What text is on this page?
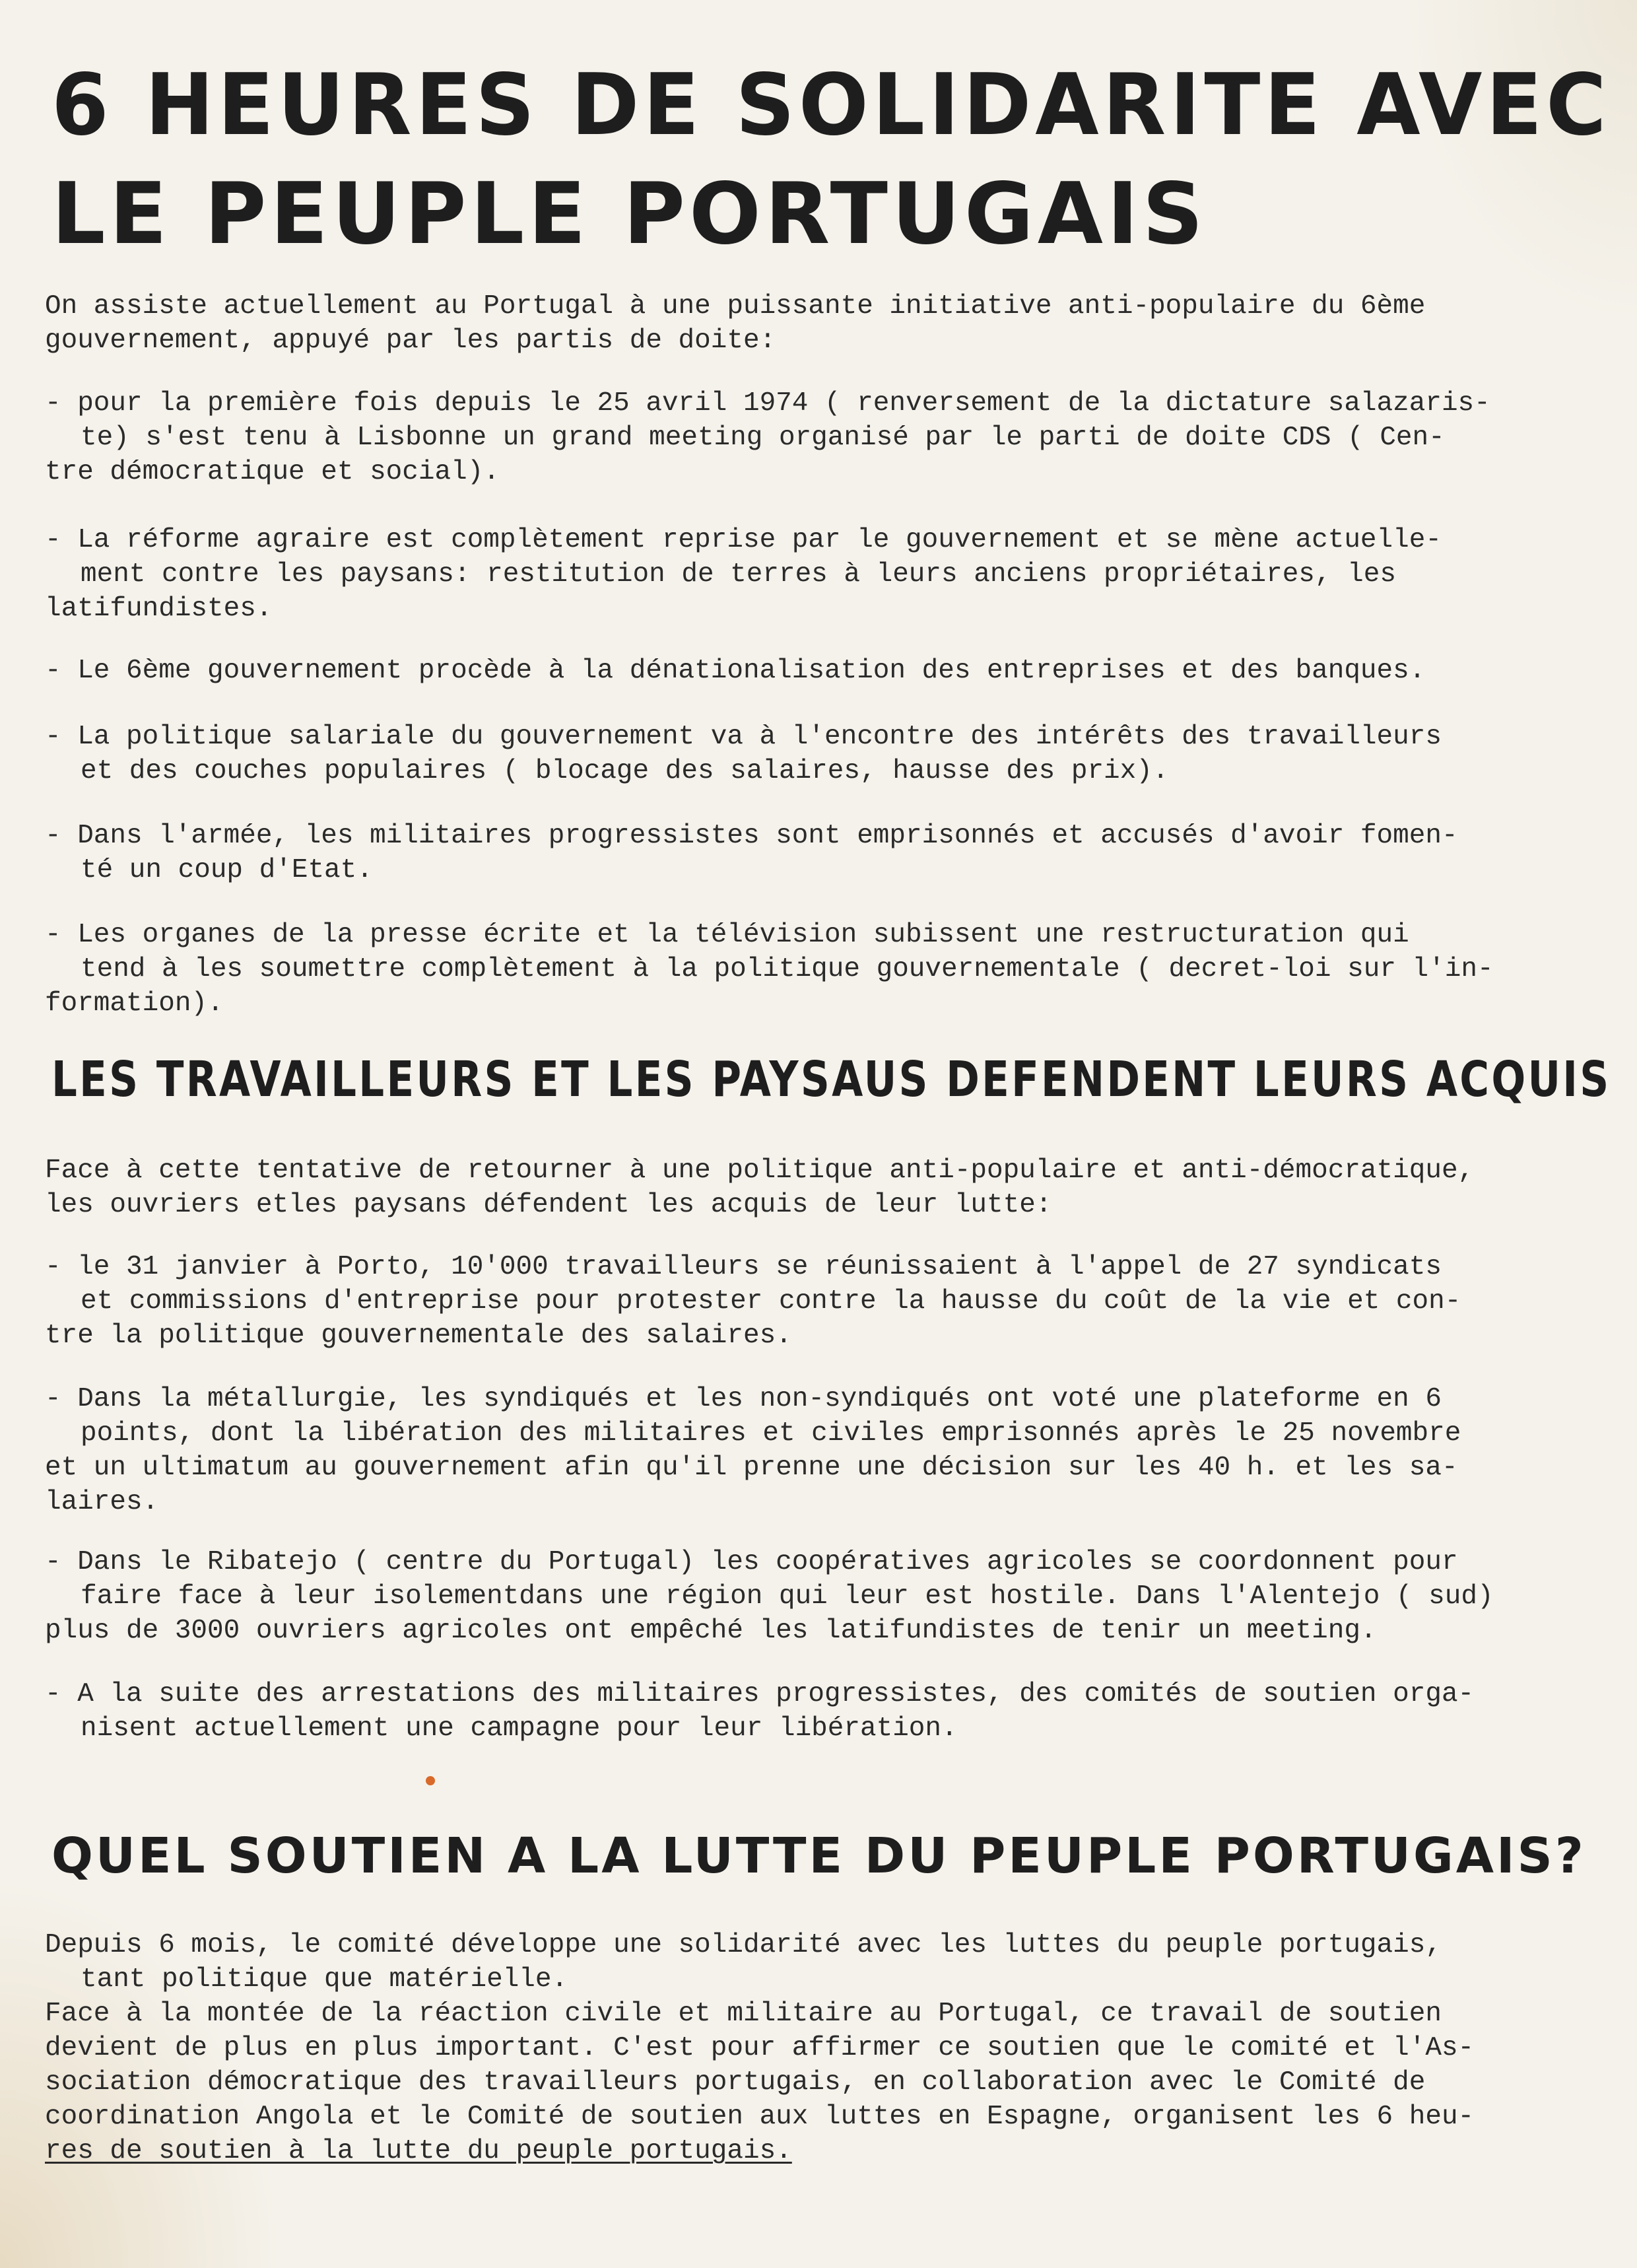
6 HEURES DE SOLIDARITE AVEC
LE PEUPLE PORTUGAIS

On assiste actuellement au Portugal à une puissante initiative anti-populaire du 6ème
gouvernement, appuyé par les partis de doite:

- pour la première fois depuis le 25 avril 1974 ( renversement de la dictature salazaris-
te) s'est tenu à Lisbonne un grand meeting organisé par le parti de doite CDS ( Cen-
tre démocratique et social).

- La réforme agraire est complètement reprise par le gouvernement et se mène actuelle-
ment contre les paysans: restitution de terres à leurs anciens propriétaires, les
latifundistes.

- Le 6ème gouvernement procède à la dénationalisation des entreprises et des banques.

- La politique salariale du gouvernement va à l'encontre des intérêts des travailleurs
et des couches populaires ( blocage des salaires, hausse des prix).

- Dans l'armée, les militaires progressistes sont emprisonnés et accusés d'avoir fomen-
té un coup d'Etat.

- Les organes de la presse écrite et la télévision subissent une restructuration qui
tend à les soumettre complètement à la politique gouvernementale ( decret-loi sur l'in-
formation).

LES TRAVAILLEURS ET LES PAYSAUS DEFENDENT LEURS ACQUIS

Face à cette tentative de retourner à une politique anti-populaire et anti-démocratique,
les ouvriers etles paysans défendent les acquis de leur lutte:

- le 31 janvier à Porto, 10'000 travailleurs se réunissaient à l'appel de 27 syndicats
et commissions d'entreprise pour protester contre la hausse du coût de la vie et con-
tre la politique gouvernementale des salaires.

- Dans la métallurgie, les syndiqués et les non-syndiqués ont voté une plateforme en 6
points, dont la libération des militaires et civiles emprisonnés après le 25 novembre
et un ultimatum au gouvernement afin qu'il prenne une décision sur les 40 h. et les sa-
laires.

- Dans le Ribatejo ( centre du Portugal) les coopératives agricoles se coordonnent pour
faire face à leur isolementdans une région qui leur est hostile. Dans l'Alentejo ( sud)
plus de 3000 ouvriers agricoles ont empêché les latifundistes de tenir un meeting.

- A la suite des arrestations des militaires progressistes, des comités de soutien orga-
nisent actuellement une campagne pour leur libération.

QUEL SOUTIEN A LA LUTTE DU PEUPLE PORTUGAIS?

Depuis 6 mois, le comité développe une solidarité avec les luttes du peuple portugais,
tant politique que matérielle.
Face à la montée de la réaction civile et militaire au Portugal, ce travail de soutien
devient de plus en plus important. C'est pour affirmer ce soutien que le comité et l'As-
sociation démocratique des travailleurs portugais, en collaboration avec le Comité de
coordination Angola et le Comité de soutien aux luttes en Espagne, organisent les 6 heu-
res de soutien à la lutte du peuple portugais.
